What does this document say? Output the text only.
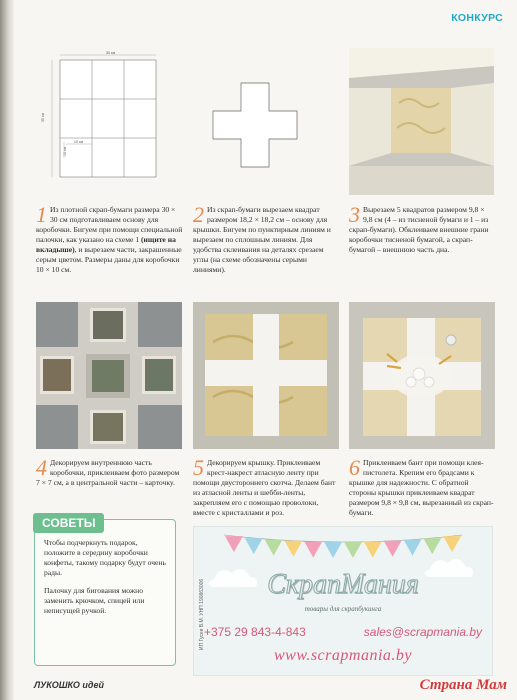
КОНКУРС
30 см
30 см
10 см
10 см
1 Из плотной скрап-бумаги размера 30 × 30 см подготавливаем основу для коробочки. Бигуем при помощи специальной палочки, как указано на схеме 1 (ищите на вкладыше), и вырезаем части, закрашенные серым цветом. Размеры даны для коробочки 10 × 10 см.
2 Из скрап-бумаги вырезаем квадрат размером 18,2 × 18,2 см – основу для крышки. Бигуем по пунктирным линиям и вырезаем по сплошным линиям. Для удобства склеивания на деталях срезаем углы (на схеме обозначены серыми линиями).
3 Вырезаем 5 квадратов размером 9,8 × 9,8 см (4 – из тисненой бумаги и 1 – из скрап-бумаги). Обклеиваем внешние грани коробочки тисненой бумагой, а скрап-бумагой – внешнюю часть дна.
4 Декорируем внутреннюю часть коробочки, приклеиваем фото размером 7 × 7 см, а в центральной части – карточку.
5 Декорируем крышку. Приклеиваем крест-накрест атласную ленту при помощи двустороннего скотча. Делаем бант из атласной ленты и шебби-ленты, закрепляем его с помощью проволоки, вместе с кристаллами и роз.
6 Приклеиваем бант при помощи клея-пистолета. Крепим его брадсами к крышке для надежности. С обратной стороны крышки приклеиваем квадрат размером 9,8 × 9,8 см, вырезанный из скрап-бумаги.
СОВЕТЫ

Чтобы подчеркнуть подарок, положите в середину коробочки конфеты, такому подарку будут очень рады.

Палочку для бигования можно заменить крючком, спицей или неписущей ручкой.	ИП Гусев В.М. УНП 190863006	СкрапМания
товары для скрапбукинга
+375 29 843-4-843	sales@scrapmania.by
www.scrapmania.by
ЛУКОШКО идей	Страна Мам
